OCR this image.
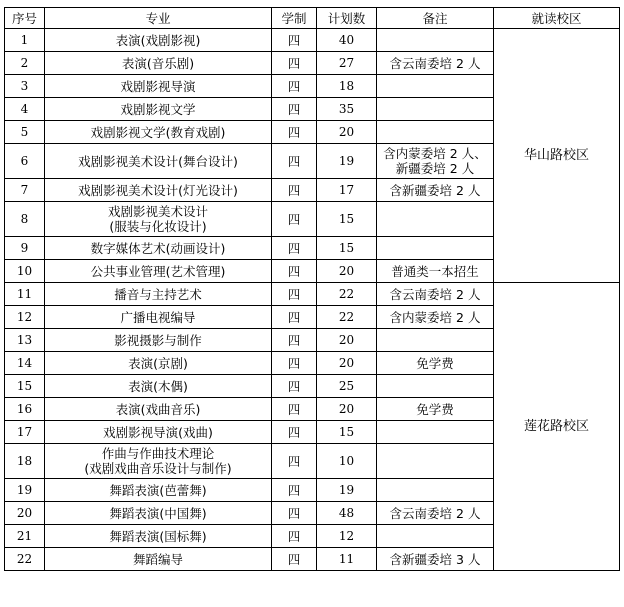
序号	专业	学制	计划数	备注	就读校区
1	表演(戏剧影视)	四	40		华山路校区
2	表演(音乐剧)	四	27	含云南委培 2 人	
3	戏剧影视导演	四	18		
4	戏剧影视文学	四	35		
5	戏剧影视文学(教育戏剧)	四	20		
6	戏剧影视美术设计(舞台设计)	四	19	含内蒙委培 2 人、
新疆委培 2 人	
7	戏剧影视美术设计(灯光设计)	四	17	含新疆委培 2 人	
8	戏剧影视美术设计
(服装与化妆设计)	四	15		
9	数字媒体艺术(动画设计)	四	15		
10	公共事业管理(艺术管理)	四	20	普通类一本招生	
11	播音与主持艺术	四	22	含云南委培 2 人	莲花路校区
12	广播电视编导	四	22	含内蒙委培 2 人	
13	影视摄影与制作	四	20		
14	表演(京剧)	四	20	免学费	
15	表演(木偶)	四	25		
16	表演(戏曲音乐)	四	20	免学费	
17	戏剧影视导演(戏曲)	四	15		
18	作曲与作曲技术理论
(戏剧戏曲音乐设计与制作)	四	10		
19	舞蹈表演(芭蕾舞)	四	19		
20	舞蹈表演(中国舞)	四	48	含云南委培 2 人	
21	舞蹈表演(国标舞)	四	12		
22	舞蹈编导	四	11	含新疆委培 3 人	
